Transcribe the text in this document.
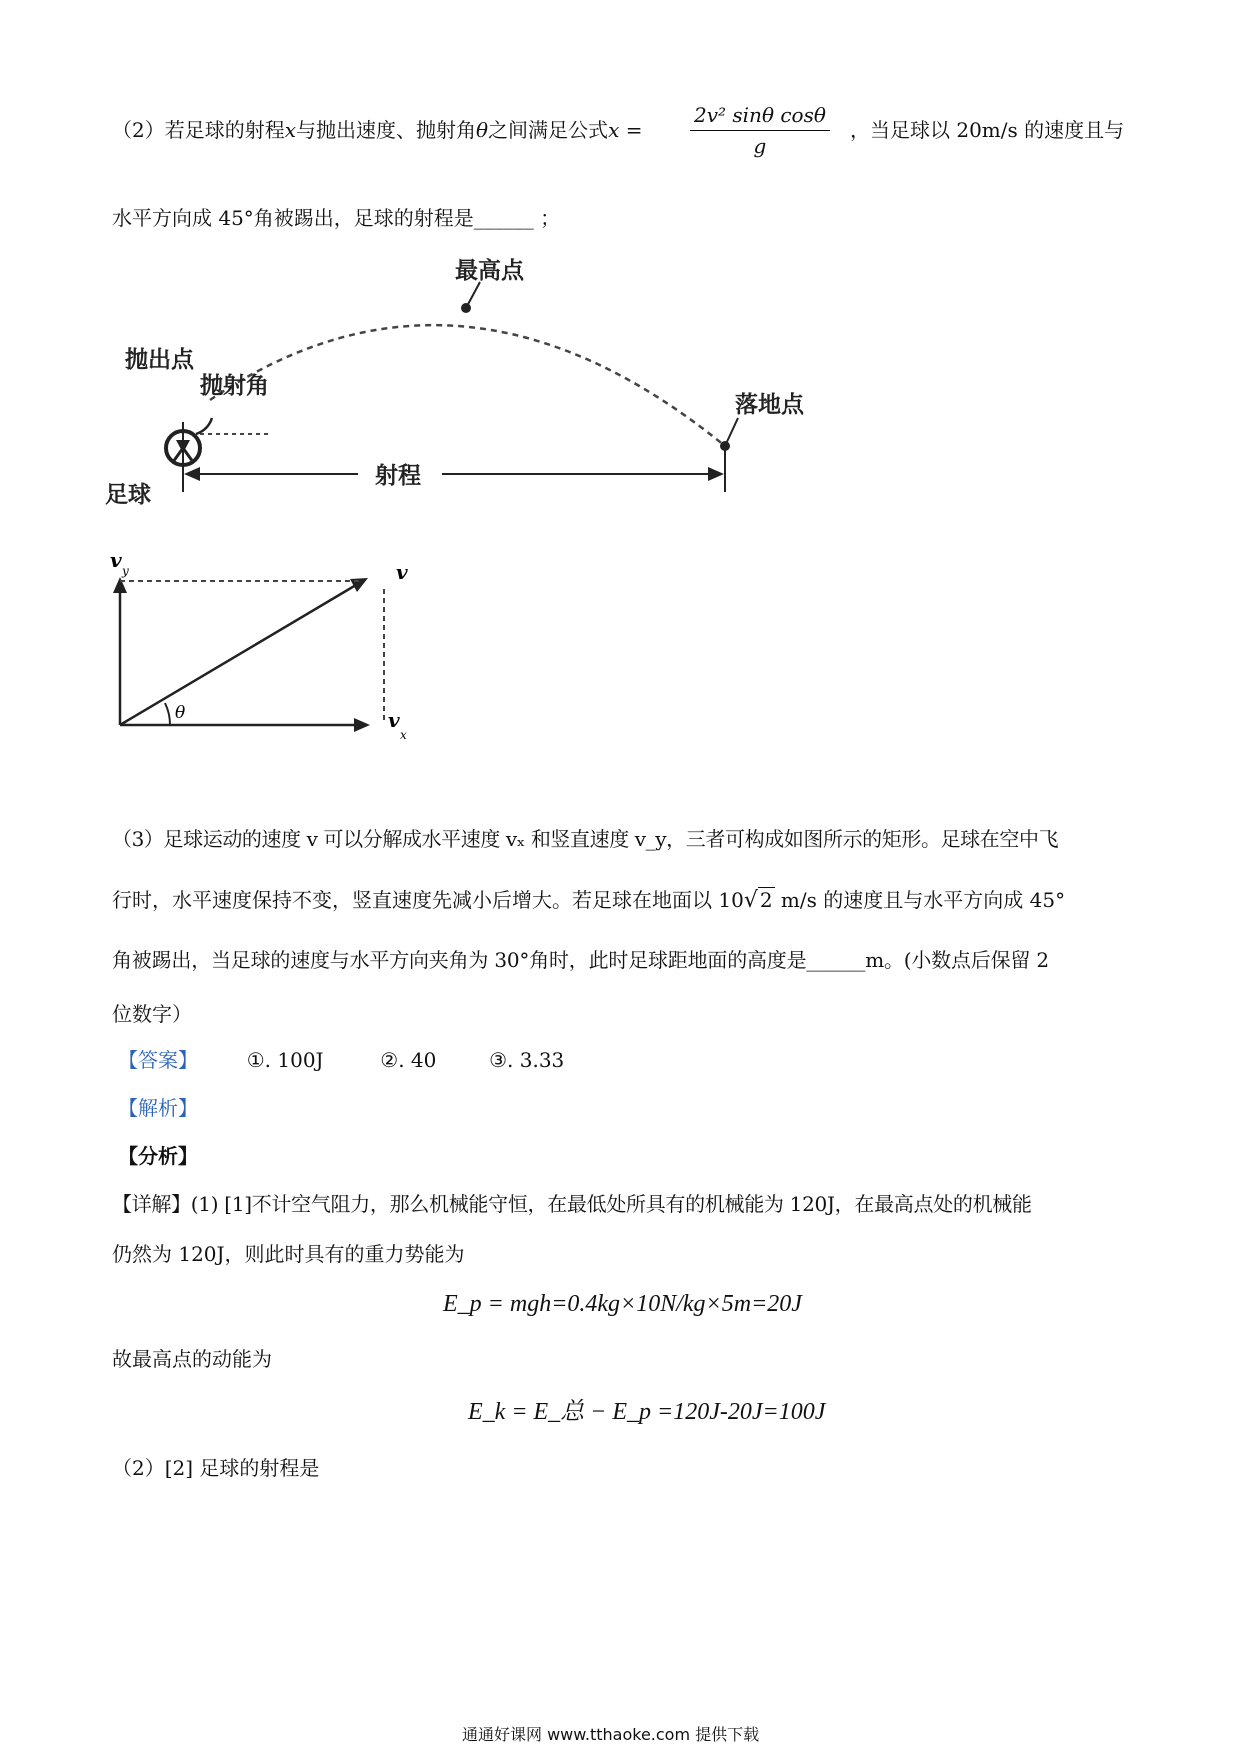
（2）若足球的射程x与抛出速度、抛射角θ之间满足公式$x = \frac{\text{2v² sinθ cosθ}}{g}$ ，当足球以 20m/s 的速度且与
水平方向成 45°角被踢出，足球的射程是______ ；
最高点
落地点
抛出点
抛射角
足球
射程
θ
v y	v
v
x
（3）足球运动的速度 v 可以分解成水平速度 vₓ 和竖直速度 v_y，三者可构成如图所示的矩形。足球在空中飞
行时，水平速度保持不变，竖直速度先减小后增大。若足球在地面以 10√ 2 m/s 的速度且与水平方向成 45°
角被踢出，当足球的速度与水平方向夹角为 30°角时，此时足球距地面的高度是______m。(小数点后保留 2
位数字）
【答案】 ①. 100J	②. 40	③. 3.33
【解析】
【分析】
【详解】(1) [1]不计空气阻力，那么机械能守恒，在最低处所具有的机械能为 120J，在最高点处的机械能
仍然为 120J，则此时具有的重力势能为
E_p = mgh=0.4kg×10N/kg×5m=20J
故最高点的动能为
E_k = E_总 − E_p =120J-20J=100J
（2）[2] 足球的射程是
通通好课网 www.tthaoke.com 提供下载
